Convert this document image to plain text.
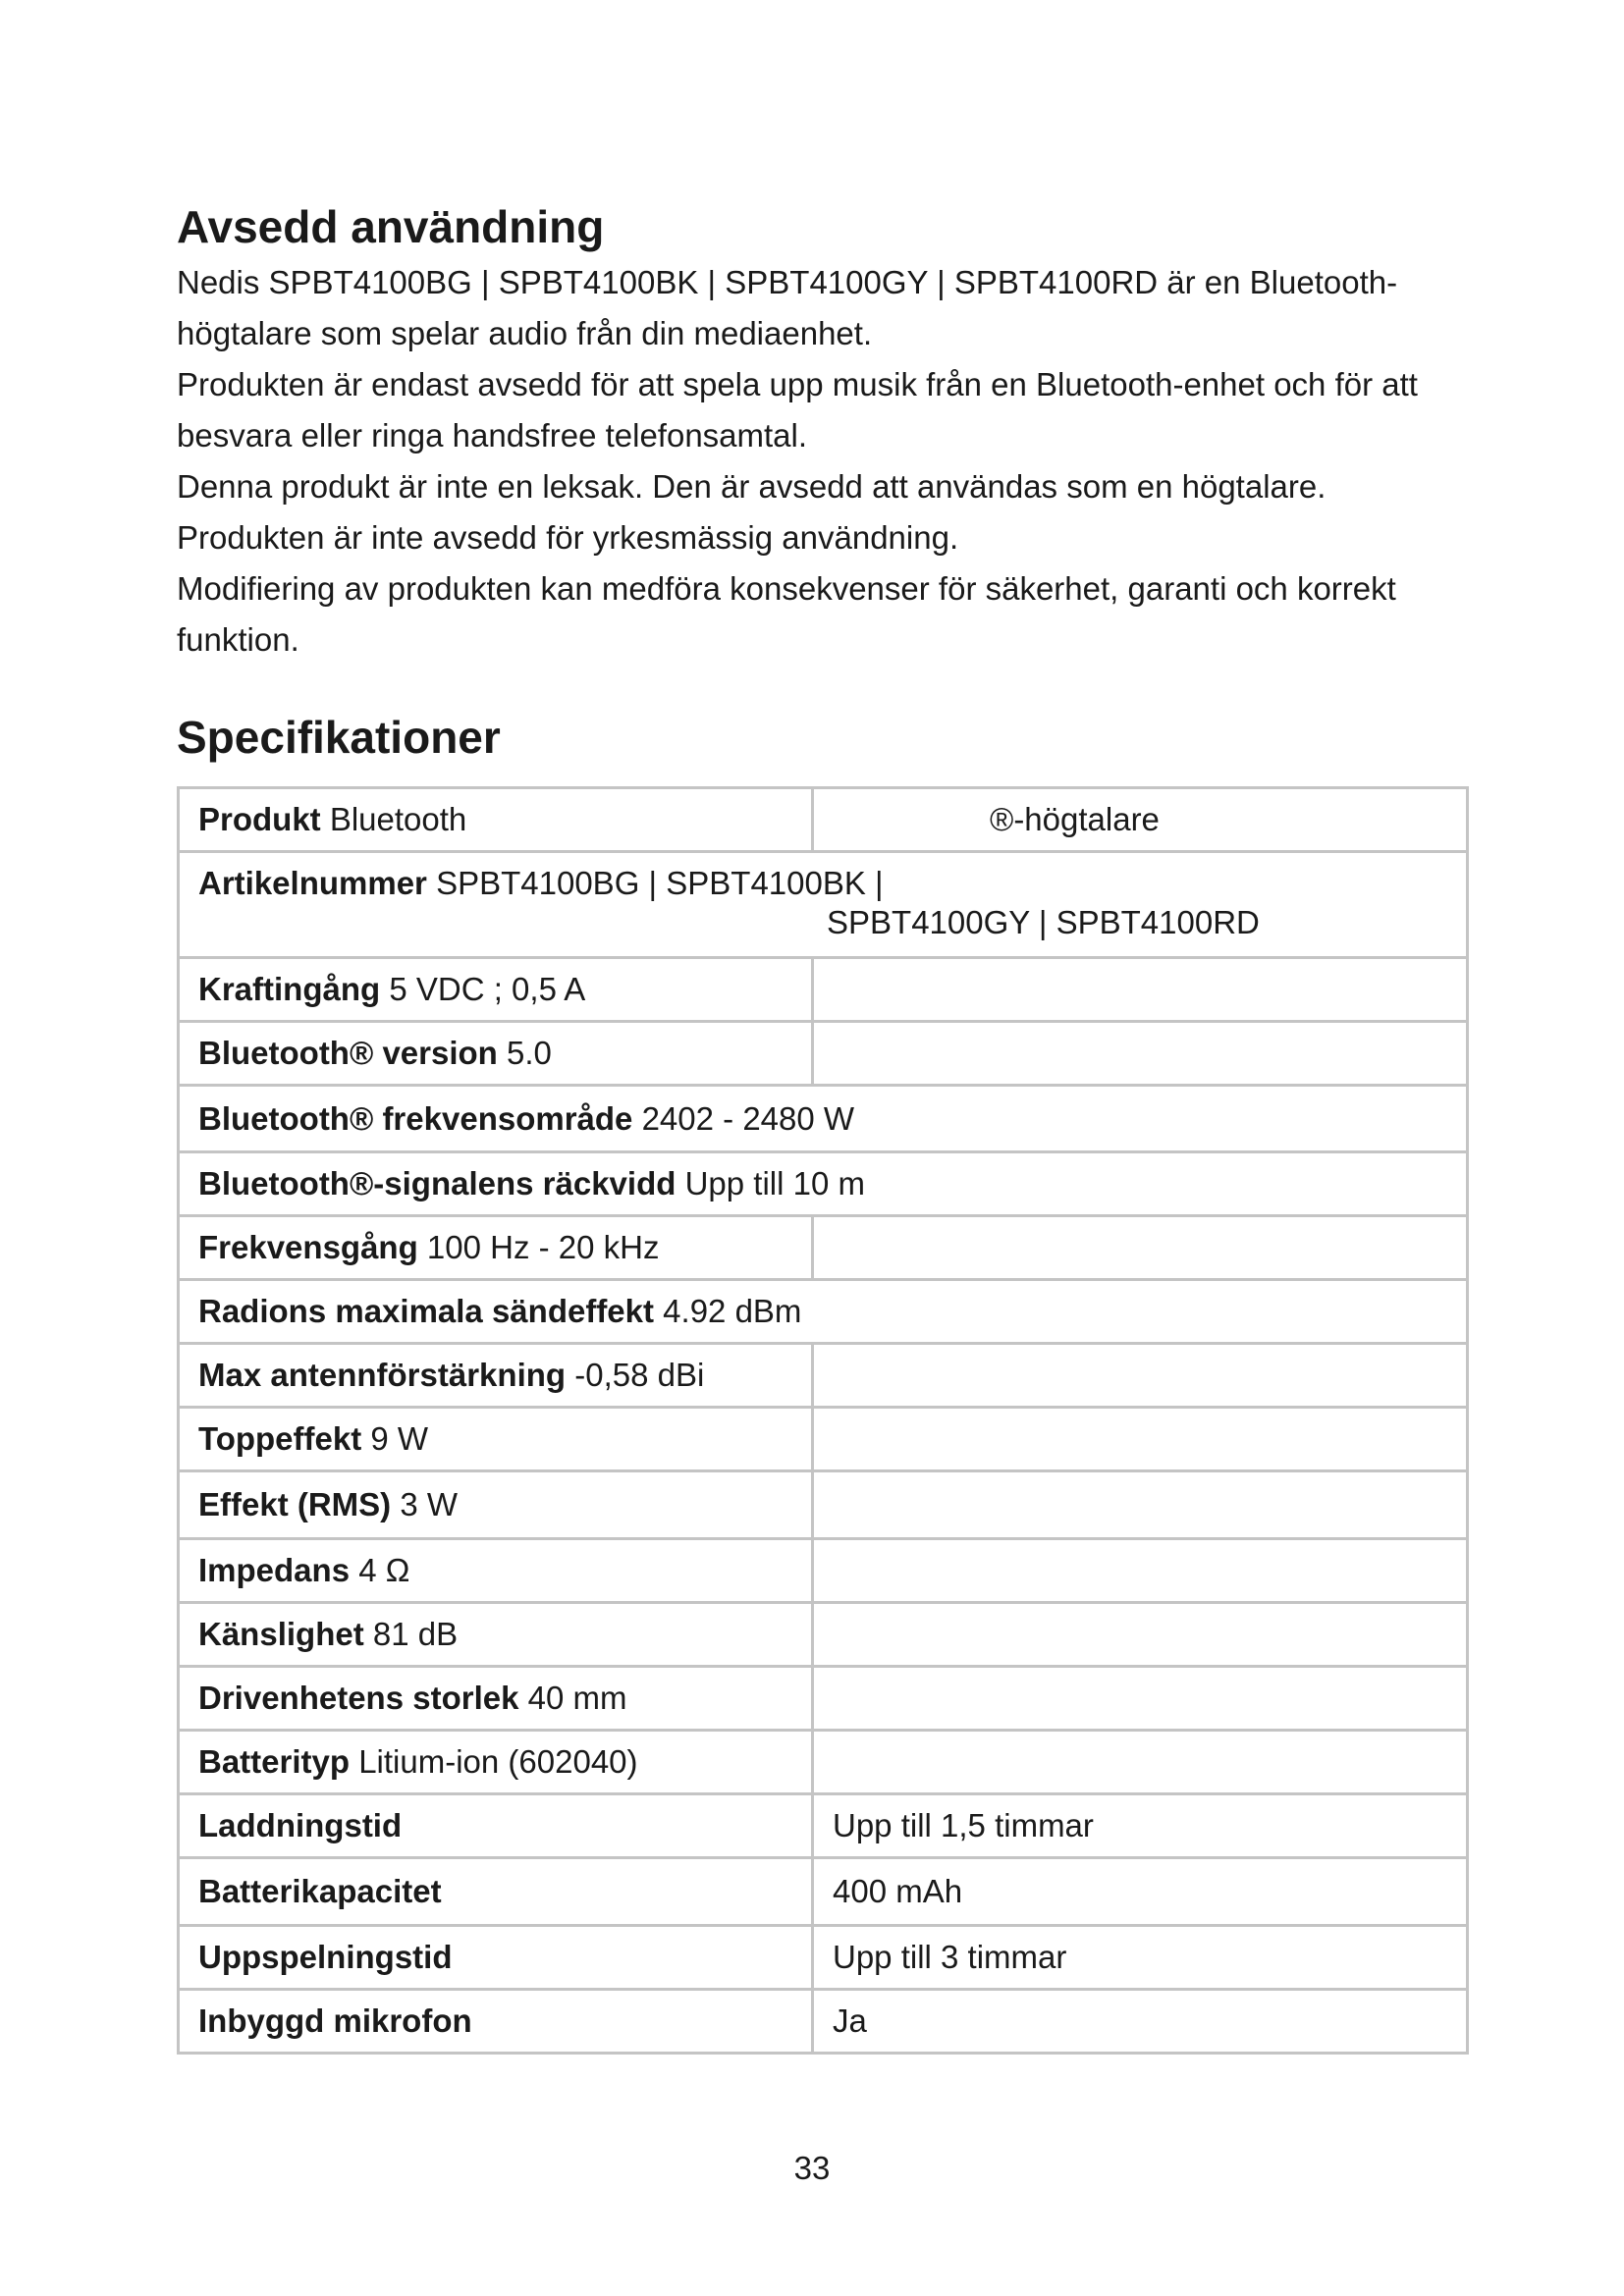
Avsedd användning

Nedis SPBT4100BG | SPBT4100BK | SPBT4100GY | SPBT4100RD är en Bluetooth-högtalare som spelar audio från din mediaenhet.

Produkten är endast avsedd för att spela upp musik från en Bluetooth-enhet och för att besvara eller ringa handsfree telefonsamtal.

Denna produkt är inte en leksak. Den är avsedd att användas som en högtalare.

Produkten är inte avsedd för yrkesmässig användning.

Modifiering av produkten kan medföra konsekvenser för säkerhet, garanti och korrekt funktion.

Specifikationer
Produkt Bluetooth	®-högtalare
Artikelnummer SPBT4100BG | SPBT4100BK |
SPBT4100GY | SPBT4100RD	

Kraftingång 5 VDC ; 0,5 A	
Bluetooth® version 5.0	
Bluetooth® frekvensområde 2402 - 2480 W	
Bluetooth®-signalens räckvidd Upp till 10 m	
Frekvensgång 100 Hz - 20 kHz	
Radions maximala sändeffekt 4.92 dBm	
Max antennförstärkning -0,58 dBi	
Toppeffekt 9 W	
Effekt (RMS) 3 W	
Impedans 4 Ω	
Känslighet 81 dB	
Drivenhetens storlek 40 mm	
Batterityp Litium-ion (602040)	
Laddningstid	Upp till 1,5 timmar
Batterikapacitet	400 mAh
Uppspelningstid	Upp till 3 timmar
Inbyggd mikrofon	Ja
33
